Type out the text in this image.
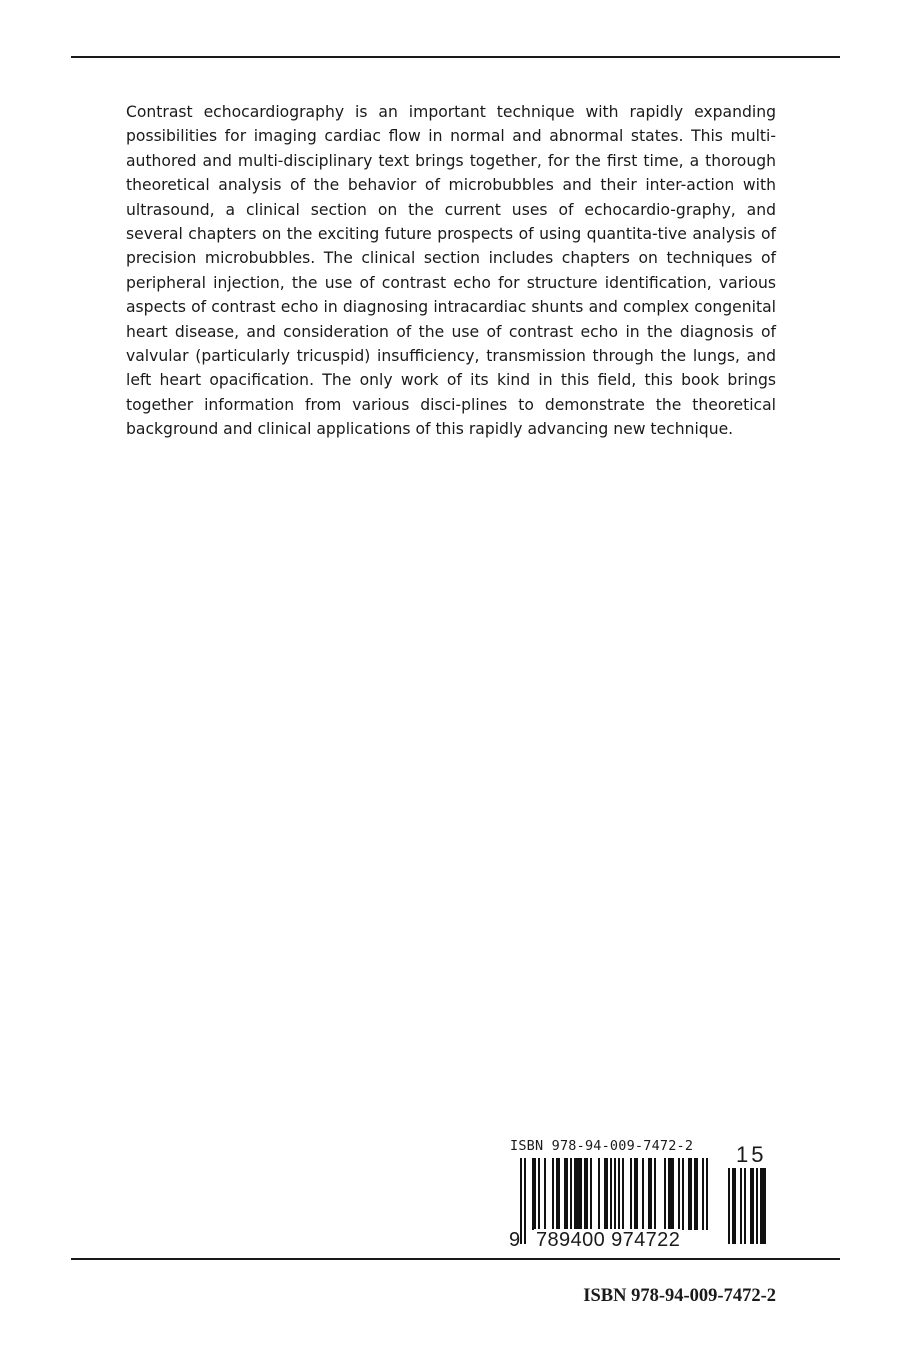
Contrast echocardiography is an important technique with rapidly expanding possibilities for imaging cardiac flow in normal and abnormal states. This multi-authored and multi-disciplinary text brings together, for the first time, a thorough theoretical analysis of the behavior of microbubbles and their inter-action with ultrasound, a clinical section on the current uses of echocardio-graphy, and several chapters on the exciting future prospects of using quantita-tive analysis of precision microbubbles. The clinical section includes chapters on techniques of peripheral injection, the use of contrast echo for structure identification, various aspects of contrast echo in diagnosing intracardiac shunts and complex congenital heart disease, and consideration of the use of contrast echo in the diagnosis of valvular (particularly tricuspid) insufficiency, transmission through the lungs, and left heart opacification. The only work of its kind in this field, this book brings together information from various disci-plines to demonstrate the theoretical background and clinical applications of this rapidly advancing new technique.

ISBN 978-94-009-7472-2 15
9 789400 974722
ISBN 978-94-009-7472-2
